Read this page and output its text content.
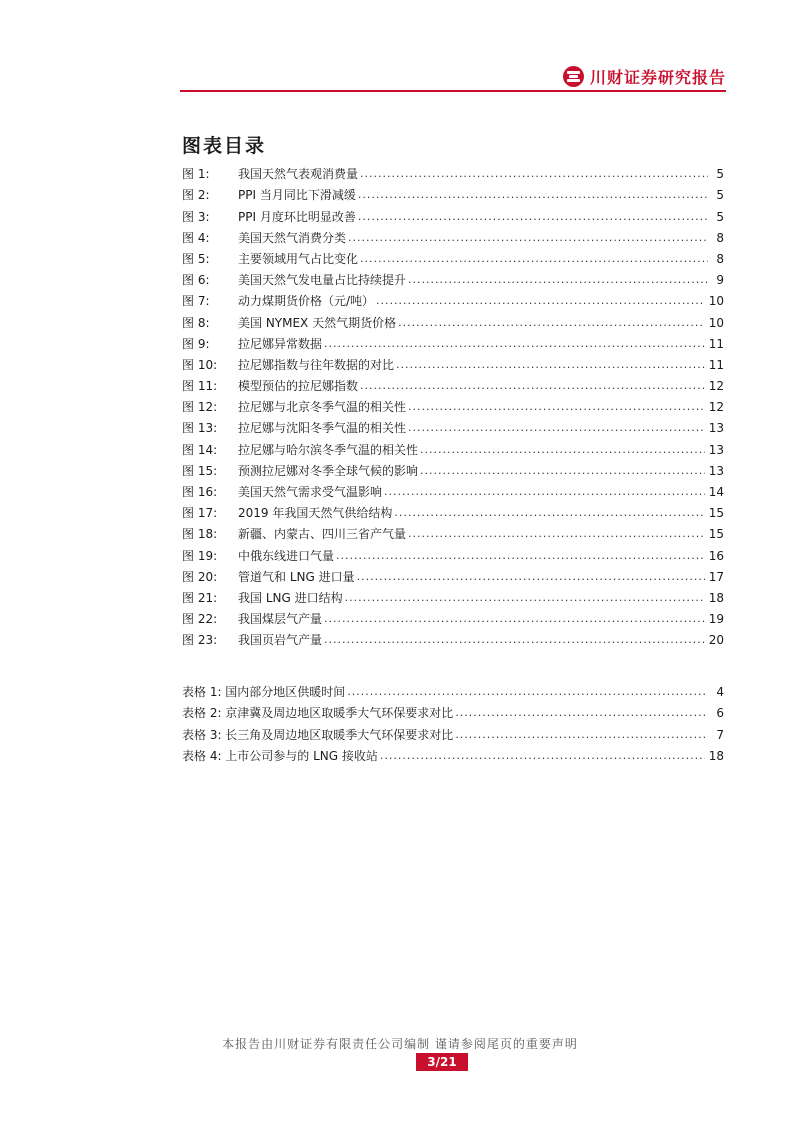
川财证券研究报告
图表目录
图 1:	我国天然气表观消费量 .....	5
图 2:	PPI 当月同比下滑减缓 .....	5
图 3:	PPI 月度环比明显改善 .....	5
图 4:	美国天然气消费分类 .....	8
图 5:	主要领域用气占比变化 .....	8
图 6:	美国天然气发电量占比持续提升 .....	9
图 7:	动力煤期货价格（元/吨） .....	10
图 8:	美国 NYMEX 天然气期货价格 .....	10
图 9:	拉尼娜异常数据 .....	11
图 10:	拉尼娜指数与往年数据的对比 .....	11
图 11:	模型预估的拉尼娜指数 .....	12
图 12:	拉尼娜与北京冬季气温的相关性 .....	12
图 13:	拉尼娜与沈阳冬季气温的相关性 .....	13
图 14:	拉尼娜与哈尔滨冬季气温的相关性 .....	13
图 15:	预测拉尼娜对冬季全球气候的影响 .....	13
图 16:	美国天然气需求受气温影响 .....	14
图 17:	2019 年我国天然气供给结构 .....	15
图 18:	新疆、内蒙古、四川三省产气量 .....	15
图 19:	中俄东线进口气量 .....	16
图 20:	管道气和 LNG 进口量 .....	17
图 21:	我国 LNG 进口结构 .....	18
图 22:	我国煤层气产量 .....	19
图 23:	我国页岩气产量 .....	20
表格 1: 国内部分地区供暖时间 .....	4
表格 2: 京津冀及周边地区取暖季大气环保要求对比 .....	6
表格 3: 长三角及周边地区取暖季大气环保要求对比 .....	7
表格 4: 上市公司参与的 LNG 接收站 .....	18
本报告由川财证券有限责任公司编制 谨请参阅尾页的重要声明
3/21
